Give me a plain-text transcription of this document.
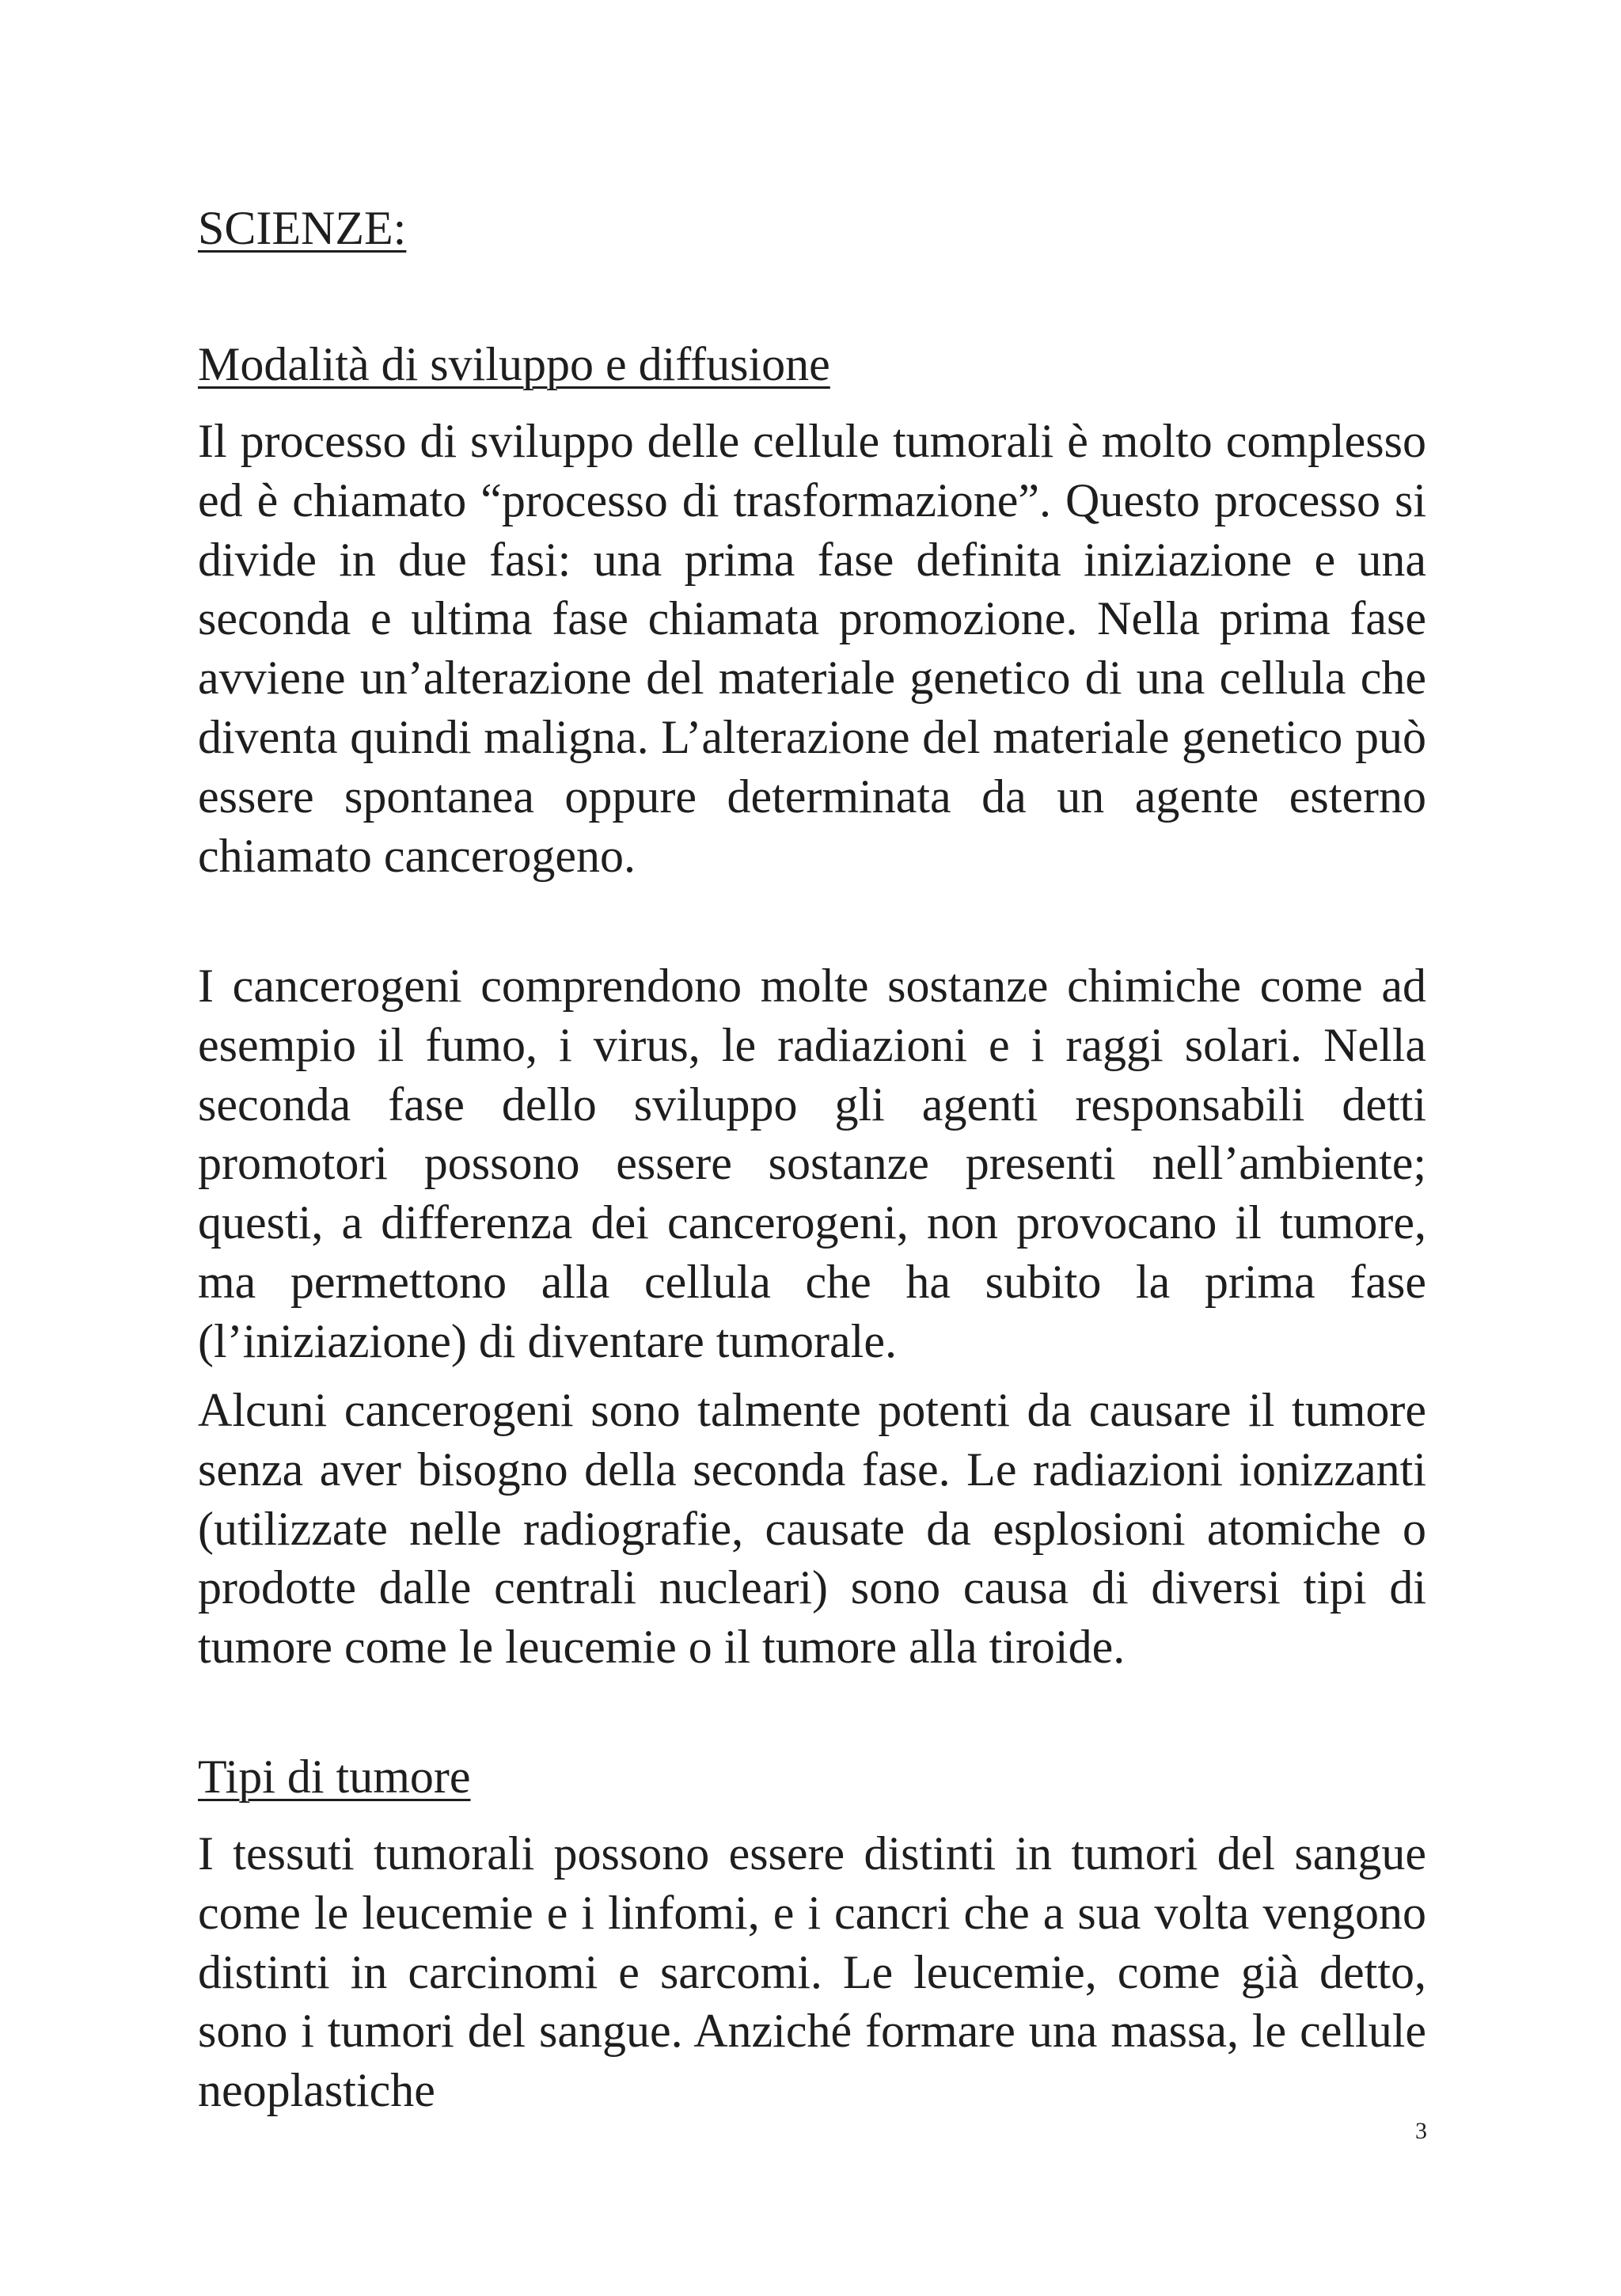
SCIENZE:

Modalità di sviluppo e diffusione

Il processo di sviluppo delle cellule tumorali è molto complesso ed è chiamato “processo di trasformazione”. Questo processo si divide in due fasi: una prima fase definita iniziazione e una seconda e ultima fase chiamata promozione. Nella prima fase avviene un’alterazione del materiale genetico di una cellula che diventa quindi maligna. L’alterazione del materiale genetico può essere spontanea oppure determinata da un agente esterno chiamato cancerogeno.

I cancerogeni comprendono molte sostanze chimiche come ad esempio il fumo, i virus, le radiazioni e i raggi solari. Nella seconda fase dello sviluppo gli agenti responsabili detti promotori possono essere sostanze presenti nell’ambiente; questi, a differenza dei cancerogeni, non provocano il tumore, ma permettono alla cellula che ha subito la prima fase (l’iniziazione) di diventare tumorale.

Alcuni cancerogeni sono talmente potenti da causare il tumore senza aver bisogno della seconda fase. Le radiazioni ionizzanti (utilizzate nelle radiografie, causate da esplosioni atomiche o prodotte dalle centrali nucleari) sono causa di diversi tipi di tumore come le leucemie o il tumore alla tiroide.

Tipi di tumore

I tessuti tumorali possono essere distinti in tumori del sangue come le leucemie e i linfomi, e i cancri che a sua volta vengono distinti in carcinomi e sarcomi. Le leucemie, come già detto, sono i tumori del sangue. Anziché formare una massa, le cellule neoplastiche

3
